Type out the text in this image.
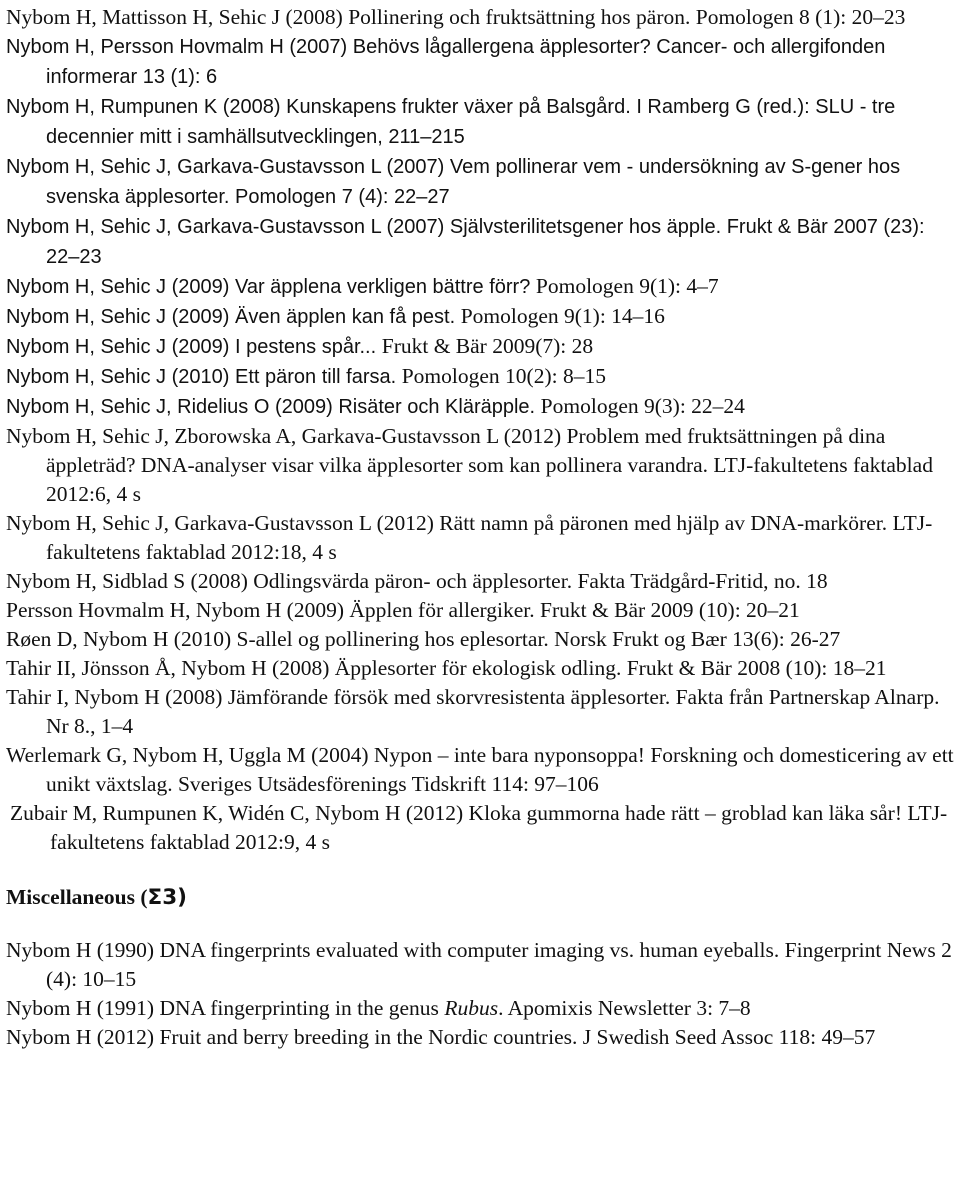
Nybom H, Mattisson H, Sehic J (2008) Pollinering och fruktsättning hos päron. Pomologen 8 (1): 20–23
Nybom H, Persson Hovmalm H (2007) Behövs lågallergena äpplesorter? Cancer- och allergifonden informerar 13 (1): 6
Nybom H, Rumpunen K (2008) Kunskapens frukter växer på Balsgård. I Ramberg G (red.): SLU - tre decennier mitt i samhällsutvecklingen, 211–215
Nybom H, Sehic J, Garkava-Gustavsson L (2007) Vem pollinerar vem - undersökning av S-gener hos svenska äpplesorter. Pomologen 7 (4): 22–27
Nybom H, Sehic J, Garkava-Gustavsson L (2007) Självsterilitetsgener hos äpple. Frukt & Bär 2007 (23): 22–23
Nybom H, Sehic J (2009) Var äpplena verkligen bättre förr? Pomologen 9(1): 4–7
Nybom H, Sehic J (2009) Även äpplen kan få pest. Pomologen 9(1): 14–16
Nybom H, Sehic J (2009) I pestens spår... Frukt & Bär 2009(7): 28
Nybom H, Sehic J (2010) Ett päron till farsa. Pomologen 10(2): 8–15
Nybom H, Sehic J, Ridelius O (2009) Risäter och Kläräpple. Pomologen 9(3): 22–24
Nybom H, Sehic J, Zborowska A, Garkava-Gustavsson L (2012) Problem med fruktsättningen på dina äppleträd? DNA-analyser visar vilka äpplesorter som kan pollinera varandra. LTJ-fakultetens faktablad 2012:6, 4 s
Nybom H, Sehic J, Garkava-Gustavsson L (2012) Rätt namn på päronen med hjälp av DNA-markörer. LTJ-fakultetens faktablad 2012:18, 4 s
Nybom H, Sidblad S (2008) Odlingsvärda päron- och äpplesorter. Fakta Trädgård-Fritid, no. 18
Persson Hovmalm H, Nybom H (2009) Äpplen för allergiker. Frukt & Bär 2009 (10): 20–21
Røen D, Nybom H (2010) S-allel og pollinering hos eplesortar. Norsk Frukt og Bær 13(6): 26-27
Tahir II, Jönsson Å, Nybom H (2008) Äpplesorter för ekologisk odling. Frukt & Bär 2008 (10): 18–21
Tahir I, Nybom H (2008) Jämförande försök med skorvresistenta äpplesorter. Fakta från Partnerskap Alnarp. Nr 8., 1–4
Werlemark G, Nybom H, Uggla M (2004) Nypon – inte bara nyponsoppa! Forskning och domesticering av ett unikt växtslag. Sveriges Utsädesförenings Tidskrift 114: 97–106
Zubair M, Rumpunen K, Widén C, Nybom H (2012) Kloka gummorna hade rätt – groblad kan läka sår! LTJ-fakultetens faktablad 2012:9, 4 s
Miscellaneous (Σ3)
Nybom H (1990) DNA fingerprints evaluated with computer imaging vs. human eyeballs. Fingerprint News 2 (4): 10–15
Nybom H (1991) DNA fingerprinting in the genus Rubus. Apomixis Newsletter 3: 7–8
Nybom H (2012) Fruit and berry breeding in the Nordic countries. J Swedish Seed Assoc 118: 49–57
